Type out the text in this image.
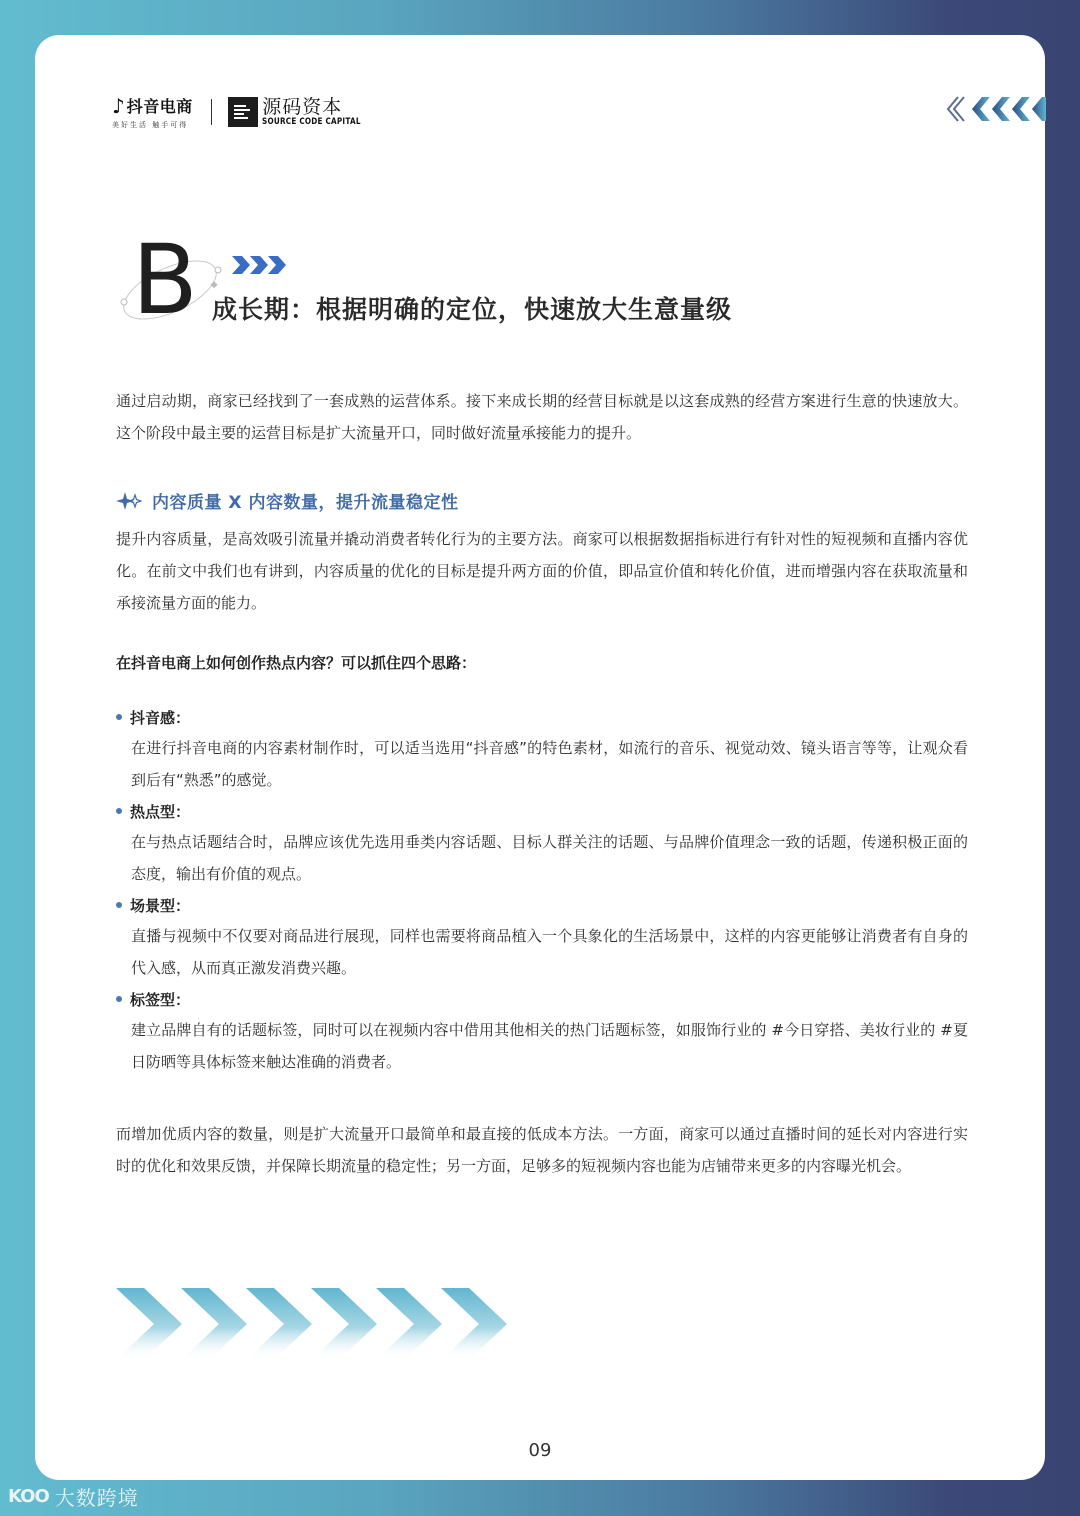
♪ 抖音电商
美好生活 触手可得
源码资本
SOURCE CODE CAPITAL
B 成长期：根据明确的定位，快速放大生意量级

通过启动期，商家已经找到了一套成熟的运营体系。接下来成长期的经营目标就是以这套成熟的经营方案进行生意的快速放大。这个阶段中最主要的运营目标是扩大流量开口，同时做好流量承接能力的提升。

内容质量 X 内容数量，提升流量稳定性

提升内容质量，是高效吸引流量并撬动消费者转化行为的主要方法。商家可以根据数据指标进行有针对性的短视频和直播内容优化。在前文中我们也有讲到，内容质量的优化的目标是提升两方面的价值，即品宣价值和转化价值，进而增强内容在获取流量和承接流量方面的能力。

在抖音电商上如何创作热点内容？可以抓住四个思路：

抖音感：

在进行抖音电商的内容素材制作时，可以适当选用“抖音感”的特色素材，如流行的音乐、视觉动效、镜头语言等等，让观众看到后有“熟悉”的感觉。

热点型：

在与热点话题结合时，品牌应该优先选用垂类内容话题、目标人群关注的话题、与品牌价值理念一致的话题，传递积极正面的态度，输出有价值的观点。

场景型：

直播与视频中不仅要对商品进行展现，同样也需要将商品植入一个具象化的生活场景中，这样的内容更能够让消费者有自身的代入感，从而真正激发消费兴趣。

标签型：

建立品牌自有的话题标签，同时可以在视频内容中借用其他相关的热门话题标签，如服饰行业的 #今日穿搭、美妆行业的 #夏日防晒等具体标签来触达准确的消费者。

而增加优质内容的数量，则是扩大流量开口最简单和最直接的低成本方法。一方面，商家可以通过直播时间的延长对内容进行实时的优化和效果反馈，并保障长期流量的稳定性；另一方面，足够多的短视频内容也能为店铺带来更多的内容曝光机会。

09
KOO 大数跨境
